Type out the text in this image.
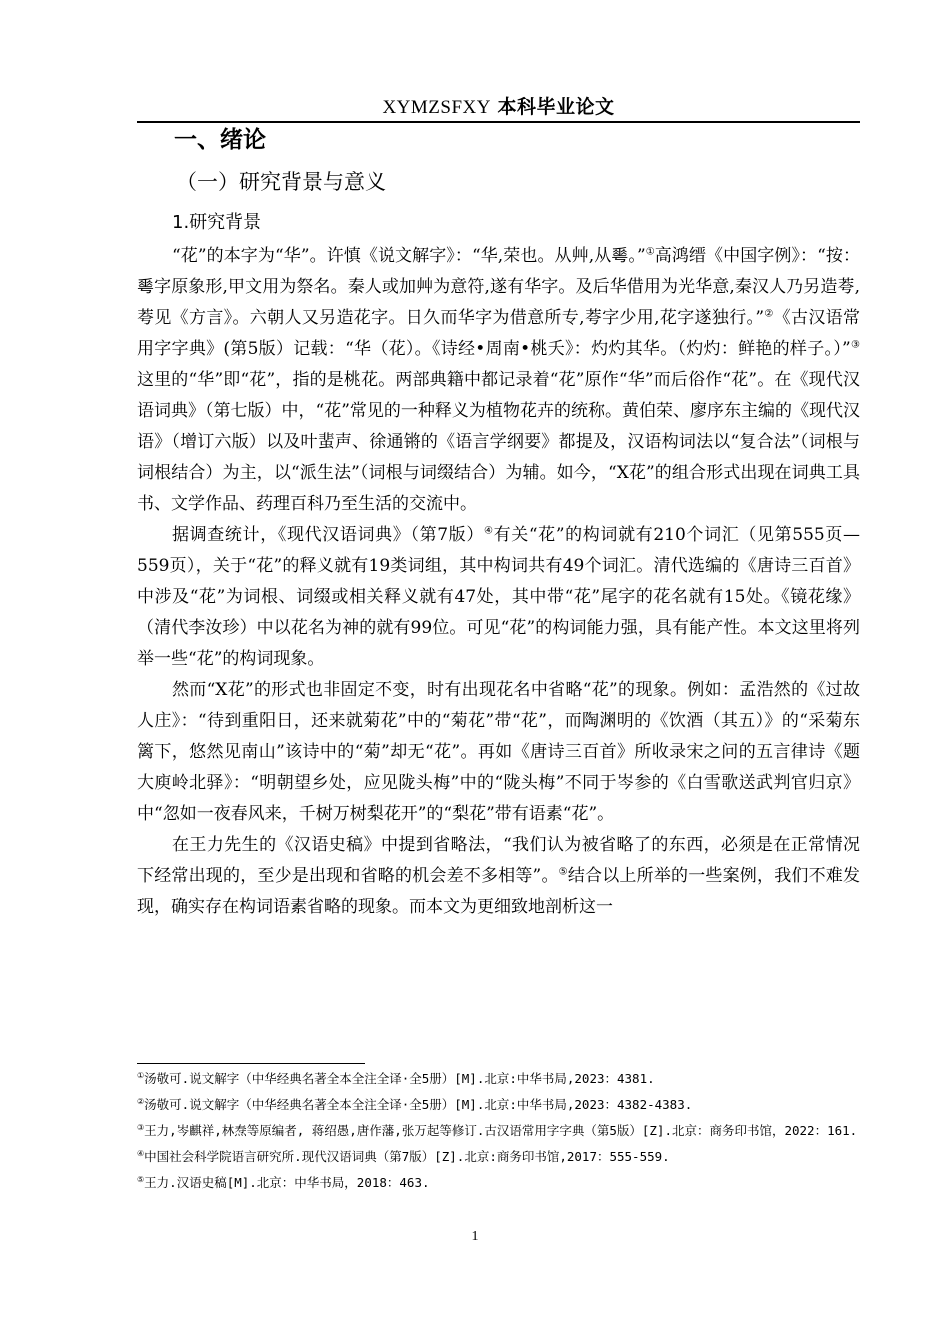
XYMZSFXY 本科毕业论文
一、绪论
（一）研究背景与意义
1.研究背景

“花”的本字为“华”。许慎《说文解字》：“华,荣也。从艸,从𠌶。”①高鸿缙《中国字例》：“按：𠌶字原象形,甲文用为祭名。秦人或加艸为意符,遂有华字。及后华借用为光华意,秦汉人乃另造荂,荂见《方言》。六朝人又另造花字。日久而华字为借意所专,荂字少用,花字遂独行。”②《古汉语常用字字典》(第5版）记载：“华（花）。《诗经•周南•桃夭》：灼灼其华。（灼灼：鲜艳的样子。）”③这里的“华”即“花”，指的是桃花。两部典籍中都记录着“花”原作“华”而后俗作“花”。在《现代汉语词典》（第七版）中，“花”常见的一种释义为植物花卉的统称。黄伯荣、廖序东主编的《现代汉语》（增订六版）以及叶蜚声、徐通锵的《语言学纲要》都提及，汉语构词法以“复合法”（词根与词根结合）为主，以“派生法”（词根与词缀结合）为辅。如今，“X花”的组合形式出现在词典工具书、文学作品、药理百科乃至生活的交流中。

据调查统计，《现代汉语词典》（第7版）④有关“花”的构词就有210个词汇（见第555页—559页），关于“花”的释义就有19类词组，其中构词共有49个词汇。清代选编的《唐诗三百首》中涉及“花”为词根、词缀或相关释义就有47处，其中带“花”尾字的花名就有15处。《镜花缘》（清代李汝珍）中以花名为神的就有99位。可见“花”的构词能力强，具有能产性。本文这里将列举一些“花”的构词现象。

然而“X花”的形式也非固定不变，时有出现花名中省略“花”的现象。例如：孟浩然的《过故人庄》：“待到重阳日，还来就菊花”中的“菊花”带“花”，而陶渊明的《饮酒（其五）》的“采菊东篱下，悠然见南山”该诗中的“菊”却无“花”。再如《唐诗三百首》所收录宋之问的五言律诗《题大庾岭北驿》：“明朝望乡处，应见陇头梅”中的“陇头梅”不同于岑参的《白雪歌送武判官归京》中“忽如一夜春风来，千树万树梨花开”的“梨花”带有语素“花”。

在王力先生的《汉语史稿》中提到省略法，“我们认为被省略了的东西，必须是在正常情况下经常出现的，至少是出现和省略的机会差不多相等”。⑤结合以上所举的一些案例，我们不难发现，确实存在构词语素省略的现象。而本文为更细致地剖析这一

①汤敬可.说文解字（中华经典名著全本全注全译·全5册）[M].北京:中华书局,2023：4381.

②汤敬可.说文解字（中华经典名著全本全注全译·全5册）[M].北京:中华书局,2023：4382-4383.

③王力,岑麒祥,林焘等原编者, 蒋绍愚,唐作藩,张万起等修订.古汉语常用字字典（第5版）[Z].北京：商务印书馆，2022：161.

④中国社会科学院语言研究所.现代汉语词典（第7版）[Z].北京:商务印书馆,2017：555-559.

⑤王力.汉语史稿[M].北京：中华书局，2018：463.

1
